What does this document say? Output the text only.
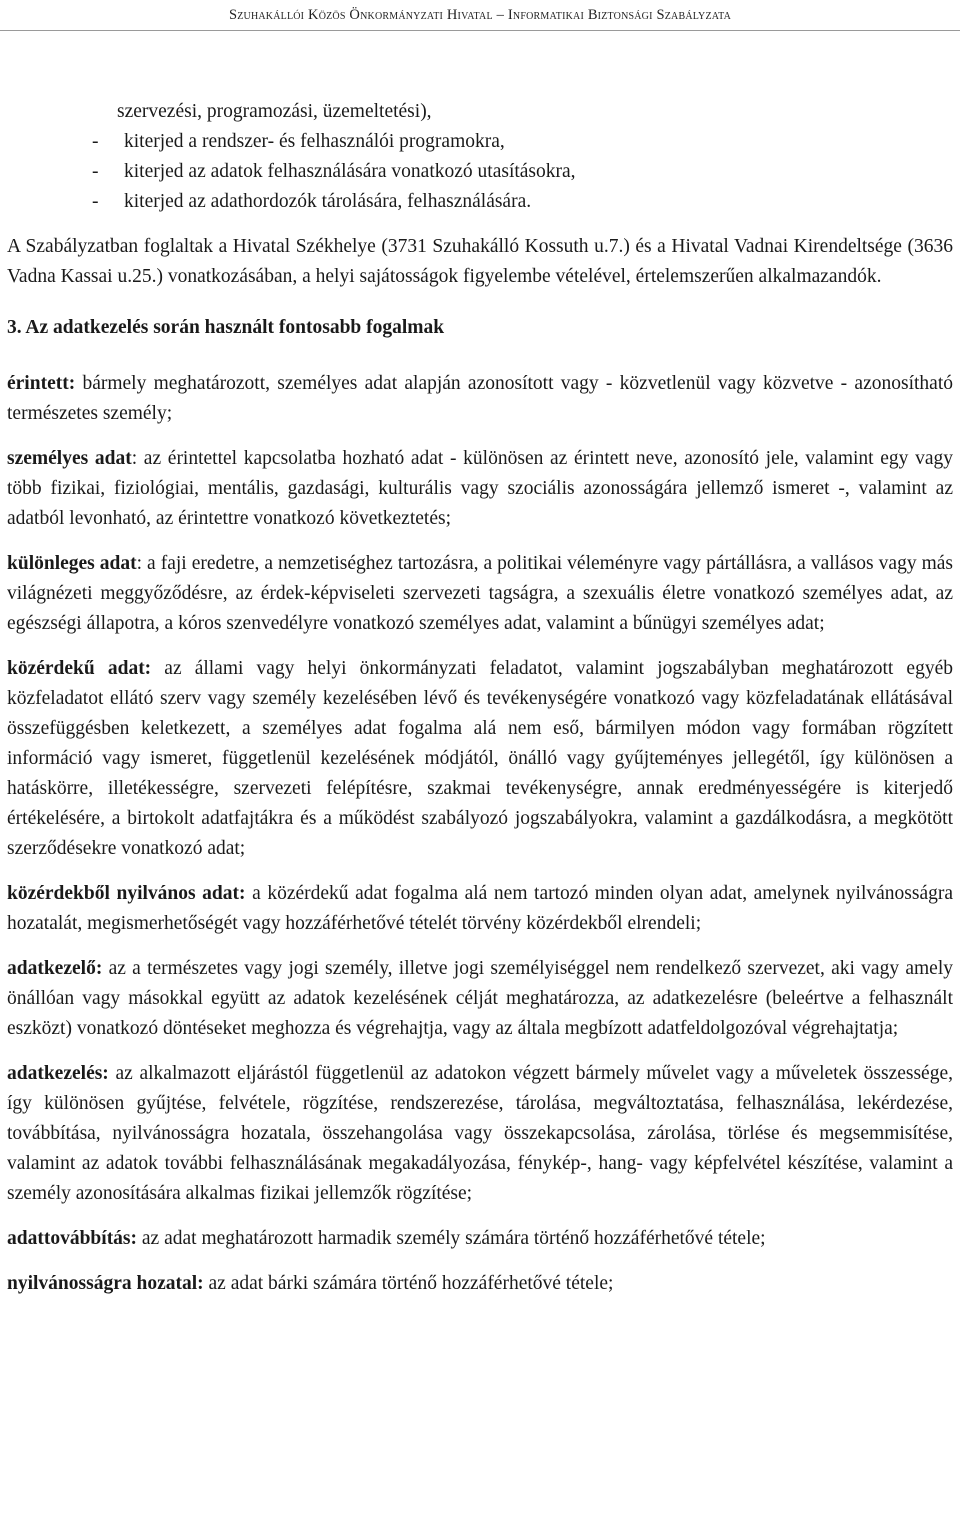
Szuhakállói Közös Önkormányzati Hivatal – Informatikai Biztonsági Szabályzata

szervezési, programozási, üzemeltetési),

-	kiterjed a rendszer- és felhasználói programokra,

-	kiterjed az adatok felhasználására vonatkozó utasításokra,

-	kiterjed az adathordozók tárolására, felhasználására.

A Szabályzatban foglaltak a Hivatal Székhelye (3731 Szuhakálló Kossuth u.7.) és a Hivatal Vadnai Kirendeltsége (3636 Vadna Kassai u.25.) vonatkozásában, a helyi sajátosságok figyelembe vételével, értelemszerűen alkalmazandók.

3. Az adatkezelés során használt fontosabb fogalmak

érintett: bármely meghatározott, személyes adat alapján azonosított vagy - közvetlenül vagy közvetve - azonosítható természetes személy;

személyes adat: az érintettel kapcsolatba hozható adat - különösen az érintett neve, azonosító jele, valamint egy vagy több fizikai, fiziológiai, mentális, gazdasági, kulturális vagy szociális azonosságára jellemző ismeret -, valamint az adatból levonható, az érintettre vonatkozó következtetés;

különleges adat: a faji eredetre, a nemzetiséghez tartozásra, a politikai véleményre vagy pártállásra, a vallásos vagy más világnézeti meggyőződésre, az érdek-képviseleti szervezeti tagságra, a szexuális életre vonatkozó személyes adat, az egészségi állapotra, a kóros szenvedélyre vonatkozó személyes adat, valamint a bűnügyi személyes adat;

közérdekű adat: az állami vagy helyi önkormányzati feladatot, valamint jogszabályban meghatározott egyéb közfeladatot ellátó szerv vagy személy kezelésében lévő és tevékenységére vonatkozó vagy közfeladatának ellátásával összefüggésben keletkezett, a személyes adat fogalma alá nem eső, bármilyen módon vagy formában rögzített információ vagy ismeret, függetlenül kezelésének módjától, önálló vagy gyűjteményes jellegétől, így különösen a hatáskörre, illetékességre, szervezeti felépítésre, szakmai tevékenységre, annak eredményességére is kiterjedő értékelésére, a birtokolt adatfajtákra és a működést szabályozó jogszabályokra, valamint a gazdálkodásra, a megkötött szerződésekre vonatkozó adat;

közérdekből nyilvános adat: a közérdekű adat fogalma alá nem tartozó minden olyan adat, amelynek nyilvánosságra hozatalát, megismerhetőségét vagy hozzáférhetővé tételét törvény közérdekből elrendeli;

adatkezelő: az a természetes vagy jogi személy, illetve jogi személyiséggel nem rendelkező szervezet, aki vagy amely önállóan vagy másokkal együtt az adatok kezelésének célját meghatározza, az adatkezelésre (beleértve a felhasznált eszközt) vonatkozó döntéseket meghozza és végrehajtja, vagy az általa megbízott adatfeldolgozóval végrehajtatja;

adatkezelés: az alkalmazott eljárástól függetlenül az adatokon végzett bármely művelet vagy a műveletek összessége, így különösen gyűjtése, felvétele, rögzítése, rendszerezése, tárolása, megváltoztatása, felhasználása, lekérdezése, továbbítása, nyilvánosságra hozatala, összehangolása vagy összekapcsolása, zárolása, törlése és megsemmisítése, valamint az adatok további felhasználásának megakadályozása, fénykép-, hang- vagy képfelvétel készítése, valamint a személy azonosítására alkalmas fizikai jellemzők rögzítése;

adattovábbítás: az adat meghatározott harmadik személy számára történő hozzáférhetővé tétele;

nyilvánosságra hozatal: az adat bárki számára történő hozzáférhetővé tétele;
